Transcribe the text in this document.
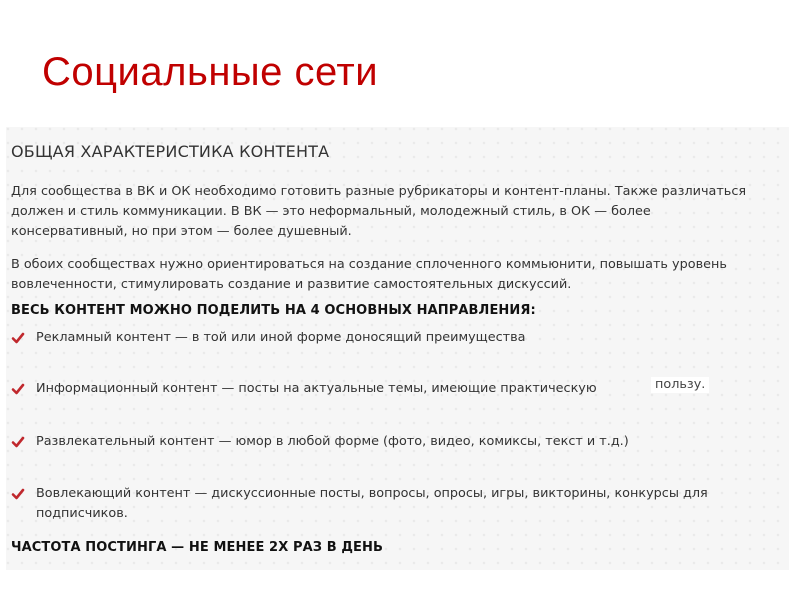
Социальные сети
ОБЩАЯ ХАРАКТЕРИСТИКА КОНТЕНТА
Для сообщества в ВК и ОК необходимо готовить разные рубрикаторы и контент-планы. Также различаться должен и стиль коммуникации. В ВК — это неформальный, молодежный стиль, в ОК — более консервативный, но при этом — более душевный.
В обоих сообществах нужно ориентироваться на создание сплоченного коммьюнити, повышать уровень вовлеченности, стимулировать создание и развитие самостоятельных дискуссий.
ВЕСЬ КОНТЕНТ МОЖНО ПОДЕЛИТЬ НА 4 ОСНОВНЫХ НАПРАВЛЕНИЯ:
Рекламный контент — в той или иной форме доносящий преимущества
Информационный контент — посты на актуальные темы, имеющие практическую	пользу.
Развлекательный контент — юмор в любой форме (фото, видео, комиксы, текст и т.д.)
Вовлекающий контент — дискуссионные посты, вопросы, опросы, игры, викторины, конкурсы для подписчиков.
ЧАСТОТА ПОСТИНГА — НЕ МЕНЕЕ 2Х РАЗ В ДЕНЬ
